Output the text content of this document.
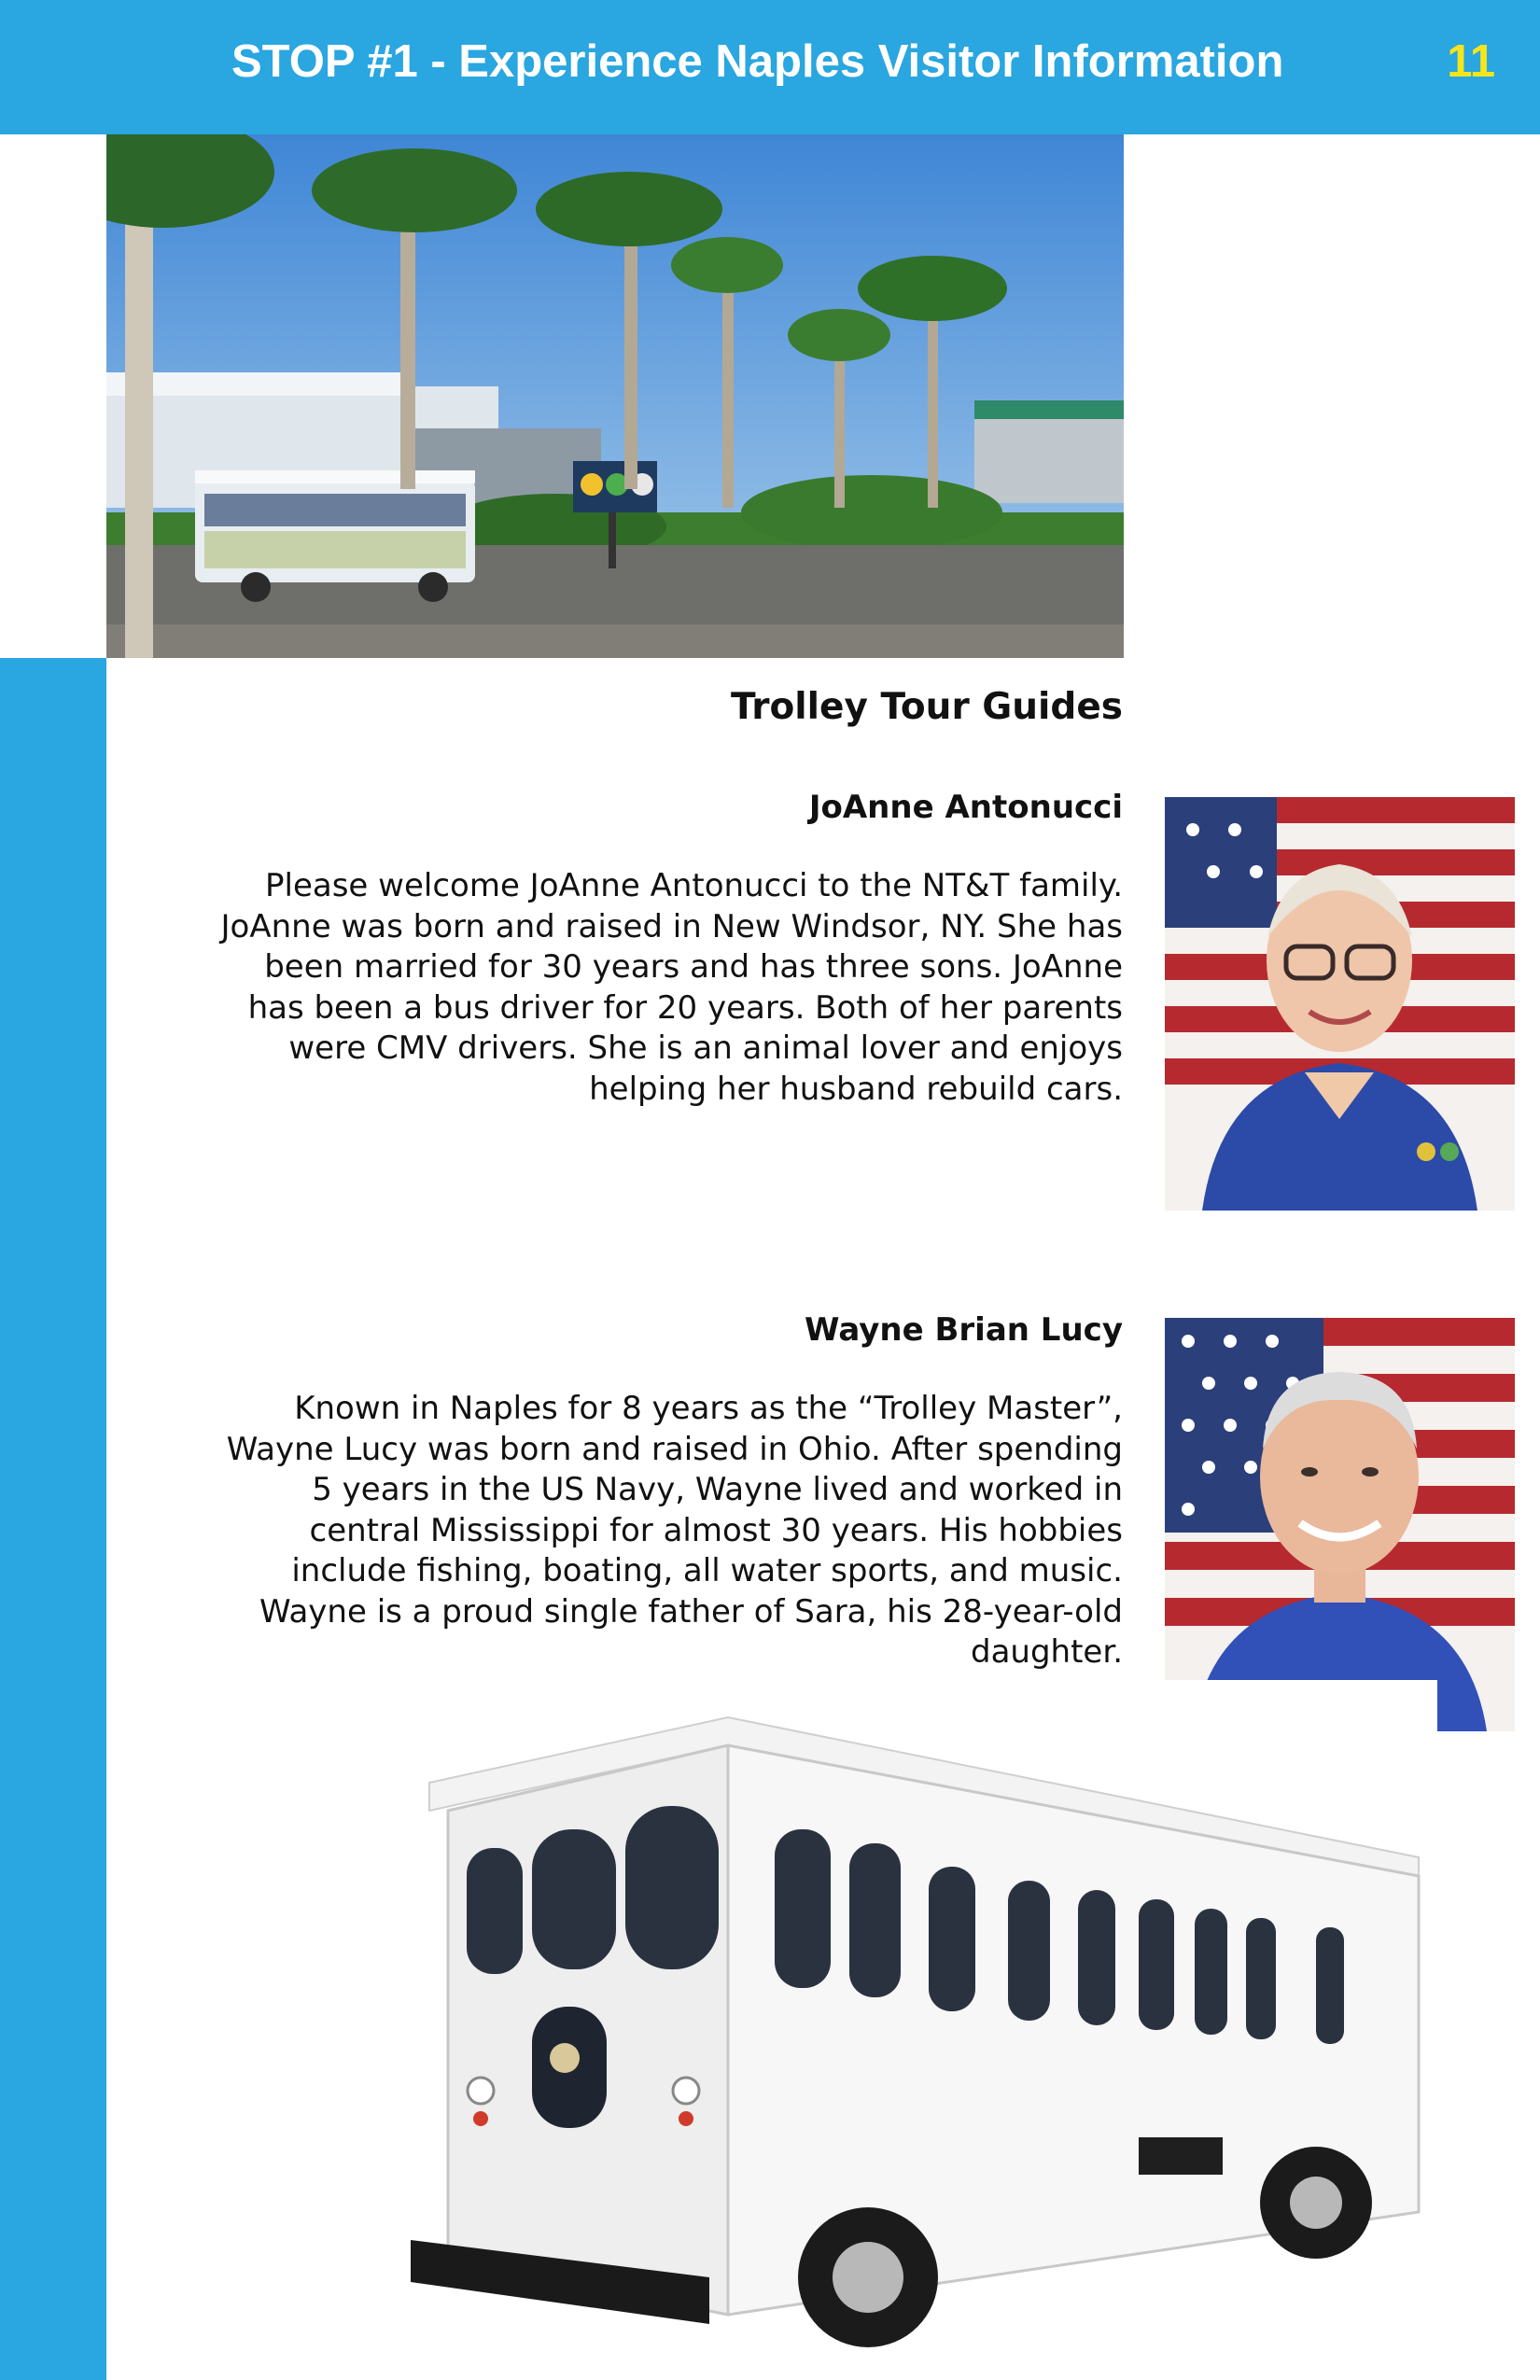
STOP #1 - Experience Naples Visitor Information	11
Trolley Tour Guides
JoAnne Antonucci
Please welcome JoAnne Antonucci to the NT&T family.
JoAnne was born and raised in New Windsor, NY. She has
been married for 30 years and has three sons. JoAnne
has been a bus driver for 20 years. Both of her parents
were CMV drivers. She is an animal lover and enjoys
helping her husband rebuild cars.
Wayne Brian Lucy
Known in Naples for 8 years as the “Trolley Master”,
Wayne Lucy was born and raised in Ohio. After spending
5 years in the US Navy, Wayne lived and worked in
central Mississippi for almost 30 years. His hobbies
include fishing, boating, all water sports, and music.
Wayne is a proud single father of Sara, his 28-year-old
daughter.
